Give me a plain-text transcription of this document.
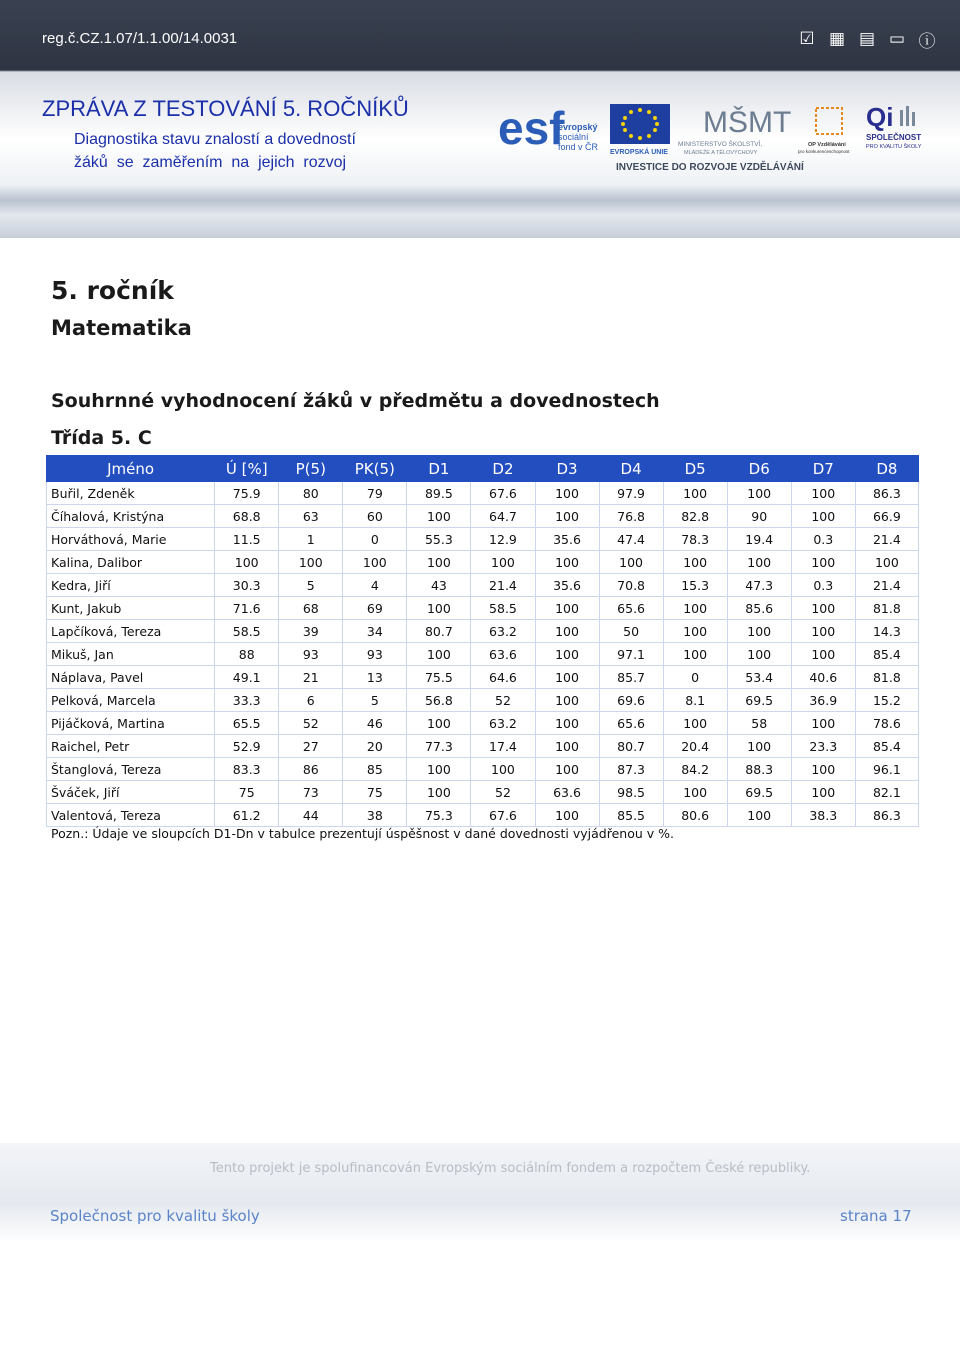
reg.č.CZ.1.07/1.1.00/14.0031	☑ ▦ ▤ ▭ ⓘ
ZPRÁVA Z TESTOVÁNÍ 5. ROČNÍKŮ
Diagnostika stavu znalostí a dovedností
žáků  se  zaměřením  na  jejich  rozvoj
esf
evropský
sociální
fond v ČR
EVROPSKÁ UNIE
MŠMT
MINISTERSTVO ŠKOLSTVÍ,
MLÁDEŽE A TĚLOVÝCHOVY
OP Vzdělávání
pro konkurenceschopnost
Qi
SPOLEČNOST
PRO KVALITU ŠKOLY
INVESTICE DO ROZVOJE VZDĚLÁVÁNÍ
5. ročník
Matematika
Souhrnné vyhodnocení žáků v předmětu a dovednostech
Třída 5. C
Jméno	Ú [%]	P(5)	PK(5)	D1	D2	D3	D4	D5	D6	D7	D8
Buřil, Zdeněk	75.9	80	79	89.5	67.6	100	97.9	100	100	100	86.3
Číhalová, Kristýna	68.8	63	60	100	64.7	100	76.8	82.8	90	100	66.9
Horváthová, Marie	11.5	1	0	55.3	12.9	35.6	47.4	78.3	19.4	0.3	21.4
Kalina, Dalibor	100	100	100	100	100	100	100	100	100	100	100
Kedra, Jiří	30.3	5	4	43	21.4	35.6	70.8	15.3	47.3	0.3	21.4
Kunt, Jakub	71.6	68	69	100	58.5	100	65.6	100	85.6	100	81.8
Lapčíková, Tereza	58.5	39	34	80.7	63.2	100	50	100	100	100	14.3
Mikuš, Jan	88	93	93	100	63.6	100	97.1	100	100	100	85.4
Náplava, Pavel	49.1	21	13	75.5	64.6	100	85.7	0	53.4	40.6	81.8
Pelková, Marcela	33.3	6	5	56.8	52	100	69.6	8.1	69.5	36.9	15.2
Pijáčková, Martina	65.5	52	46	100	63.2	100	65.6	100	58	100	78.6
Raichel, Petr	52.9	27	20	77.3	17.4	100	80.7	20.4	100	23.3	85.4
Štanglová, Tereza	83.3	86	85	100	100	100	87.3	84.2	88.3	100	96.1
Šváček, Jiří	75	73	75	100	52	63.6	98.5	100	69.5	100	82.1
Valentová, Tereza	61.2	44	38	75.3	67.6	100	85.5	80.6	100	38.3	86.3
Pozn.: Údaje ve sloupcích D1-Dn v tabulce prezentují úspěšnost v dané dovednosti vyjádřenou v %.
Tento projekt je spolufinancován Evropským sociálním fondem a rozpočtem České republiky.
Společnost pro kvalitu školy	strana 17
